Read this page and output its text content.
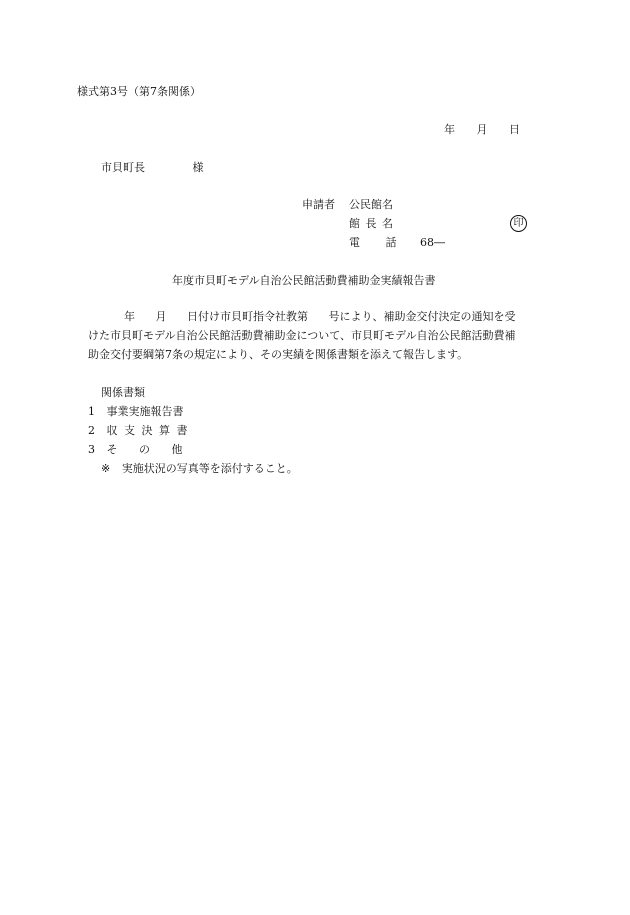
様式第3号（第7条関係）
年 月 日
市貝町長	様
申請者 公民館名
館 長 名	印
電 話 68―
年度市貝町モデル自治公民館活動費補助金実績報告書
年 月 日付け市貝町指令社教第 号により、補助金交付決定の通知を受
けた市貝町モデル自治公民館活動費補助金について、市貝町モデル自治公民館活動費補
助金交付要綱第7条の規定により、その実績を関係書類を添えて報告します。
関係書類
1 事業実施報告書
2 収 支 決 算 書
3 そ の 他
※ 実施状況の写真等を添付すること。
